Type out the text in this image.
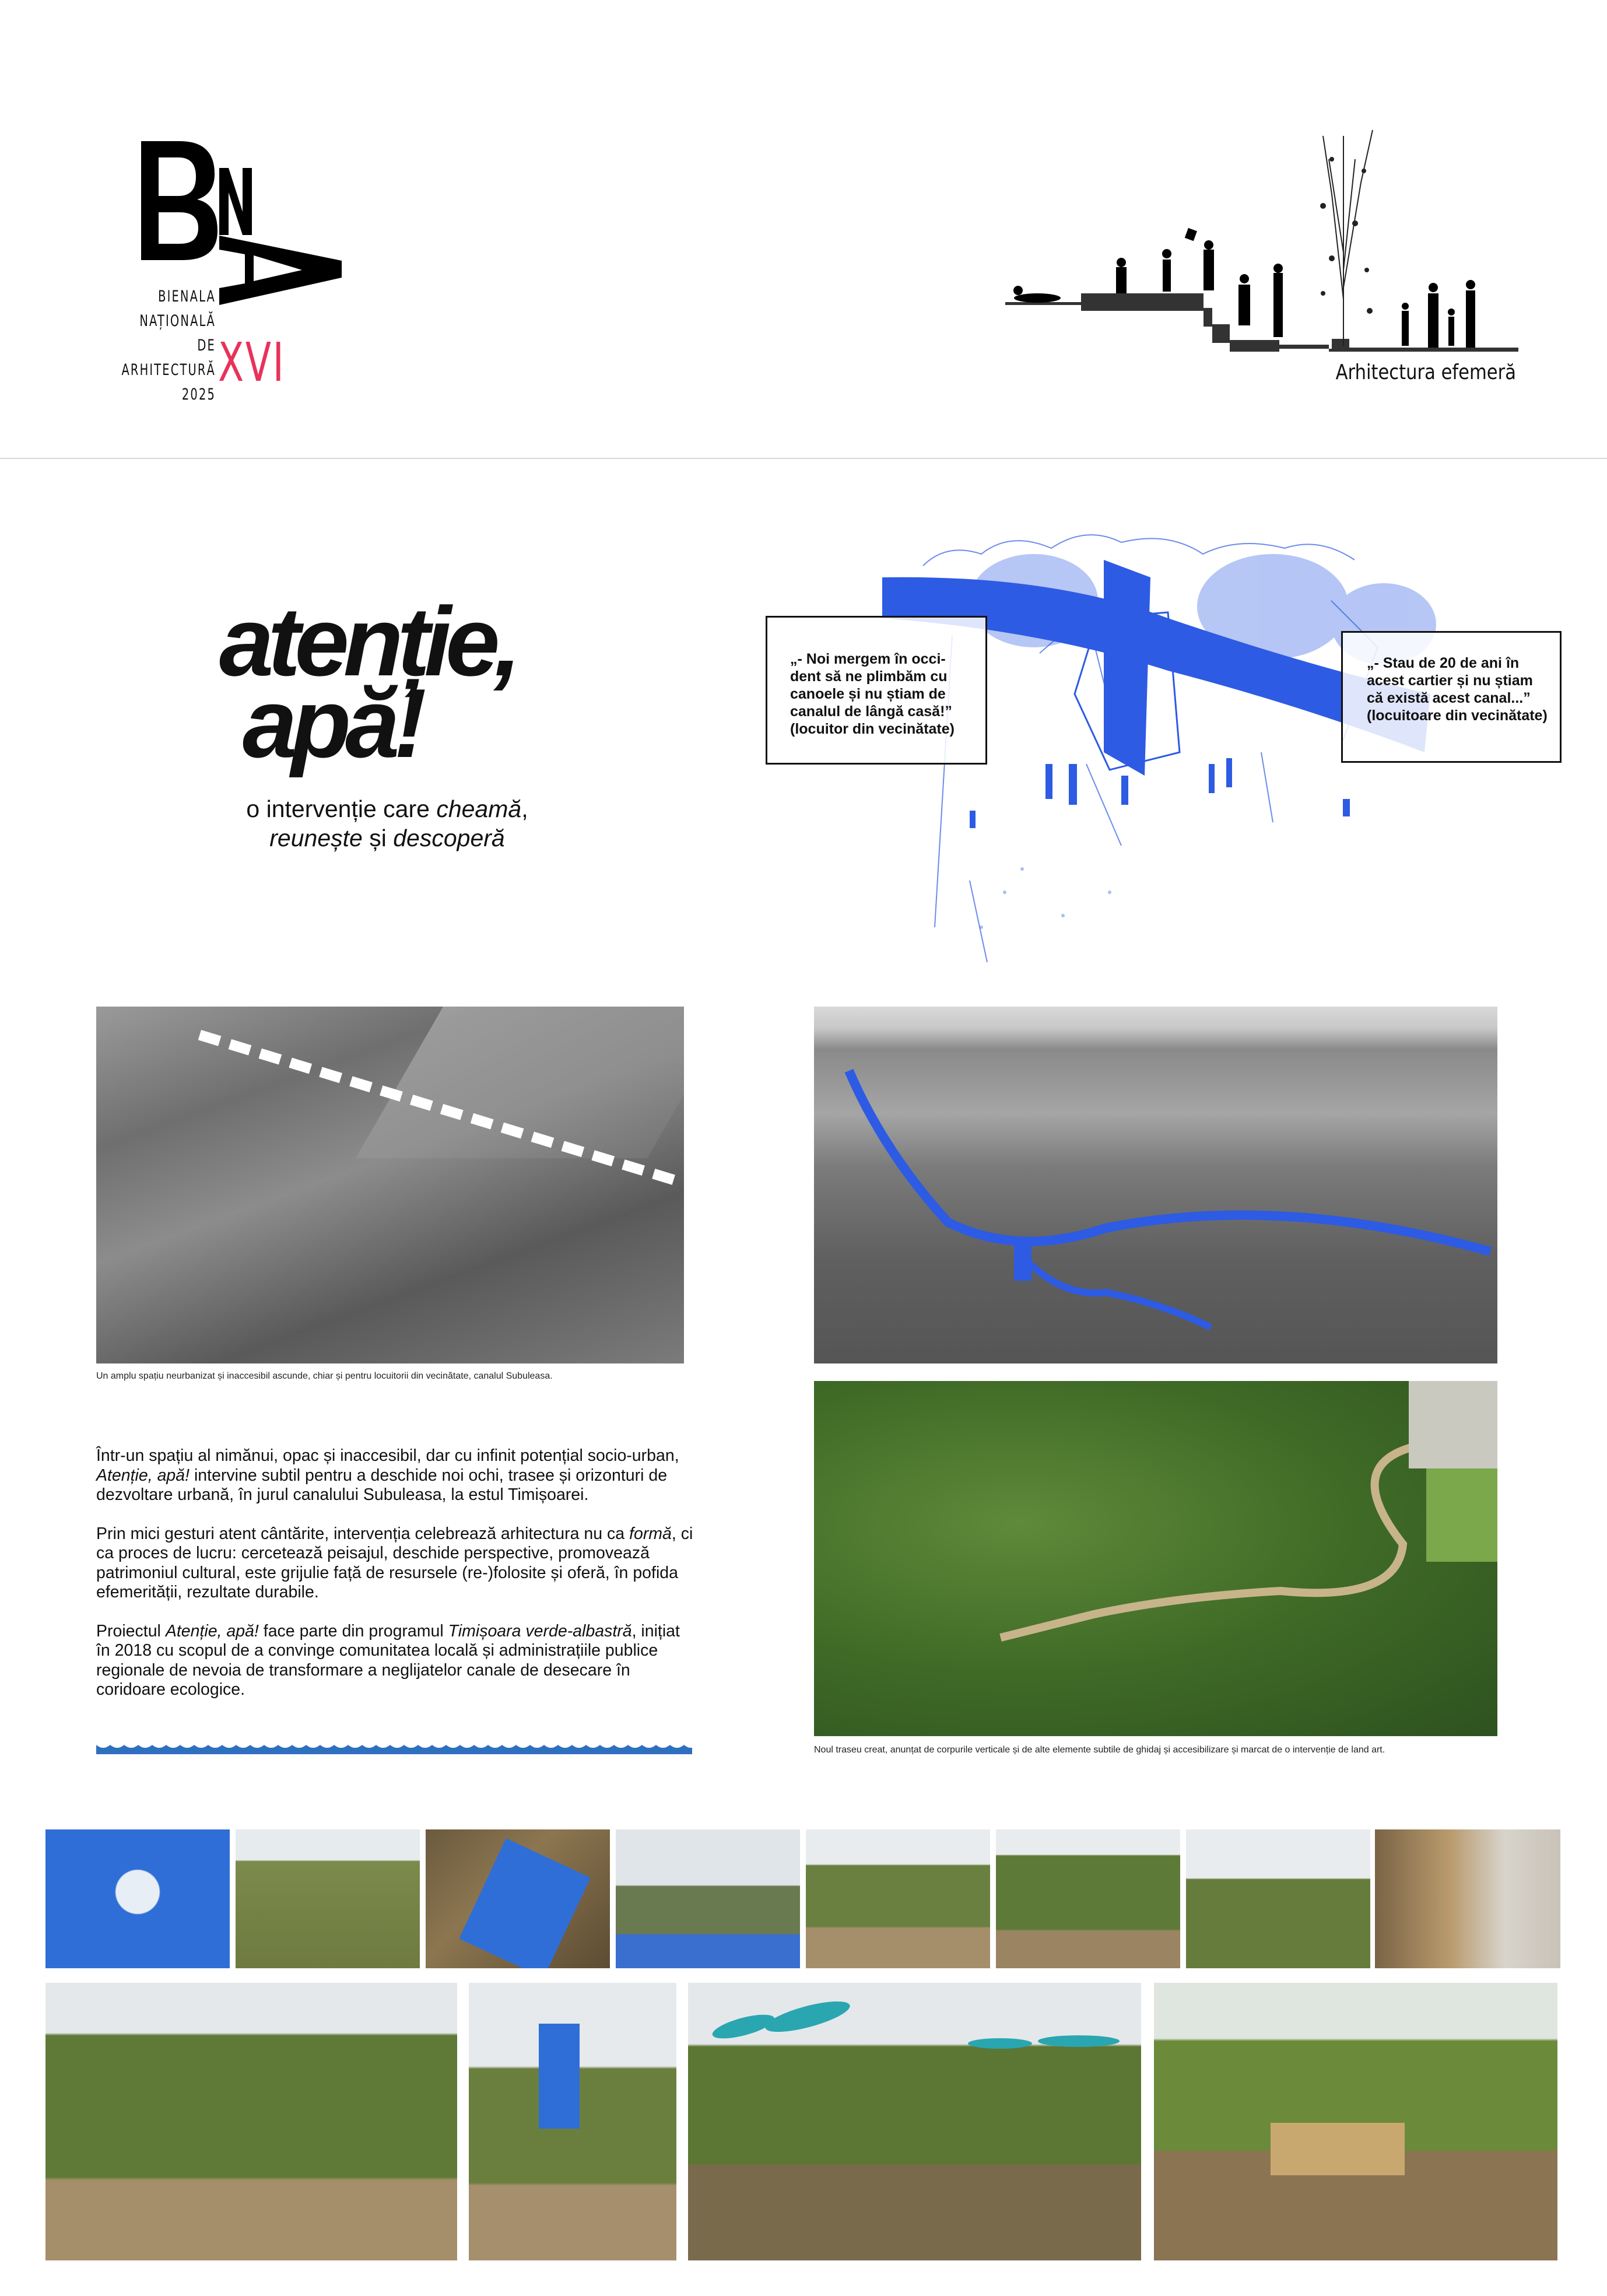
BIENALA
NAȚIONALĂ
DE
ARHITECTURĂ
2025
XVI	Arhitectura efemeră
atenție,
apă!
o intervenție care cheamă,
reunește și descoperă
„- Noi mergem în occi-dent să ne plimbăm cu canoele și nu știam de canalul de lângă casă!” (locuitor din vecinătate)
„- Stau de 20 de ani în acest cartier și nu știam că există acest canal...” (locuitoare din vecinătate)
Un amplu spațiu neurbanizat și inaccesibil ascunde, chiar și pentru locuitorii din vecinătate, canalul Subuleasa.
Noul traseu creat, anunțat de corpurile verticale și de alte elemente subtile de ghidaj și accesibilizare și marcat de o intervenție de land art.

Într-un spațiu al nimănui, opac și inaccesibil, dar cu infinit potențial socio-urban, Atenție, apă! intervine subtil pentru a deschide noi ochi, trasee și orizonturi de dezvoltare urbană, în jurul canalului Subuleasa, la estul Timișoarei.

Prin mici gesturi atent cântărite, intervenția celebrează arhitectura nu ca formă, ci ca proces de lucru: cercetează peisajul, deschide perspective, promovează patrimoniul cultural, este grijulie față de resursele (re-)folosite și oferă, în pofida efemerității, rezultate durabile.

Proiectul Atenție, apă! face parte din programul Timișoara verde-albastră, inițiat în 2018 cu scopul de a convinge comunitatea locală și administrațiile publice regionale de nevoia de transformare a neglijatelor canale de desecare în coridoare ecologice.
